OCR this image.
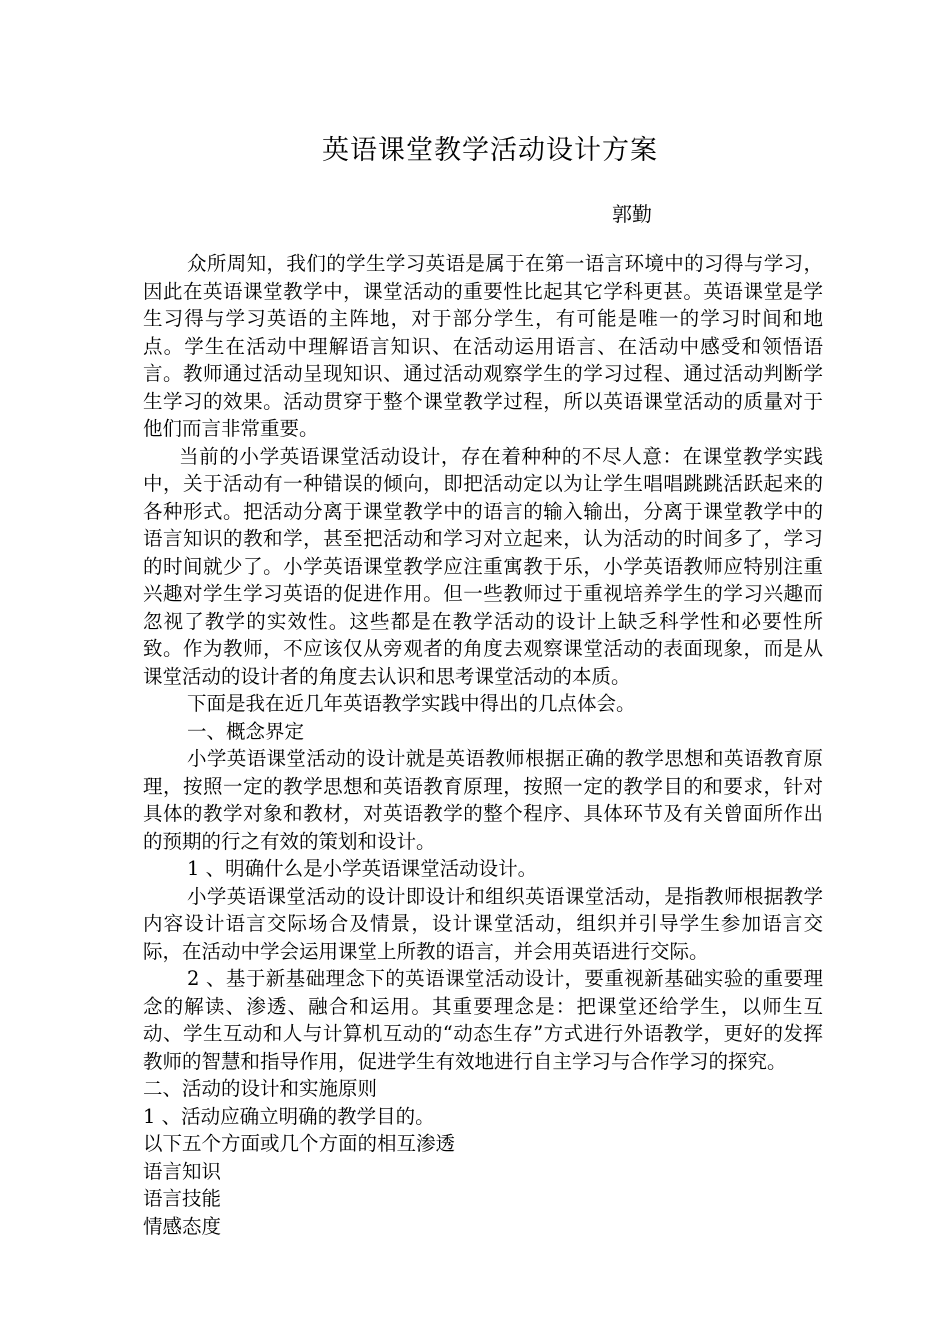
英语课堂教学活动设计方案
郭勤

众所周知，我们的学生学习英语是属于在第一语言环境中的习得与学习，因此在英语课堂教学中，课堂活动的重要性比起其它学科更甚。英语课堂是学生习得与学习英语的主阵地，对于部分学生，有可能是唯一的学习时间和地点。学生在活动中理解语言知识、在活动运用语言、在活动中感受和领悟语言。教师通过活动呈现知识、通过活动观察学生的学习过程、通过活动判断学生学习的效果。活动贯穿于整个课堂教学过程，所以英语课堂活动的质量对于他们而言非常重要。

当前的小学英语课堂活动设计，存在着种种的不尽人意：在课堂教学实践中，关于活动有一种错误的倾向，即把活动定以为让学生唱唱跳跳活跃起来的各种形式。把活动分离于课堂教学中的语言的输入输出，分离于课堂教学中的语言知识的教和学，甚至把活动和学习对立起来，认为活动的时间多了，学习的时间就少了。小学英语课堂教学应注重寓教于乐，小学英语教师应特别注重兴趣对学生学习英语的促进作用。但一些教师过于重视培养学生的学习兴趣而忽视了教学的实效性。这些都是在教学活动的设计上缺乏科学性和必要性所致。作为教师，不应该仅从旁观者的角度去观察课堂活动的表面现象，而是从课堂活动的设计者的角度去认识和思考课堂活动的本质。

下面是我在近几年英语教学实践中得出的几点体会。

一、概念界定

小学英语课堂活动的设计就是英语教师根据正确的教学思想和英语教育原理，按照一定的教学思想和英语教育原理，按照一定的教学目的和要求，针对具体的教学对象和教材，对英语教学的整个程序、具体环节及有关曾面所作出的预期的行之有效的策划和设计。

1 、明确什么是小学英语课堂活动设计。

小学英语课堂活动的设计即设计和组织英语课堂活动，是指教师根据教学内容设计语言交际场合及情景，设计课堂活动，组织并引导学生参加语言交际，在活动中学会运用课堂上所教的语言，并会用英语进行交际。

2 、基于新基础理念下的英语课堂活动设计，要重视新基础实验的重要理念的解读、渗透、融合和运用。其重要理念是：把课堂还给学生，以师生互动、学生互动和人与计算机互动的“动态生存”方式进行外语教学，更好的发挥教师的智慧和指导作用，促进学生有效地进行自主学习与合作学习的探究。

二、活动的设计和实施原则

1 、活动应确立明确的教学目的。

以下五个方面或几个方面的相互渗透

语言知识

语言技能

情感态度
